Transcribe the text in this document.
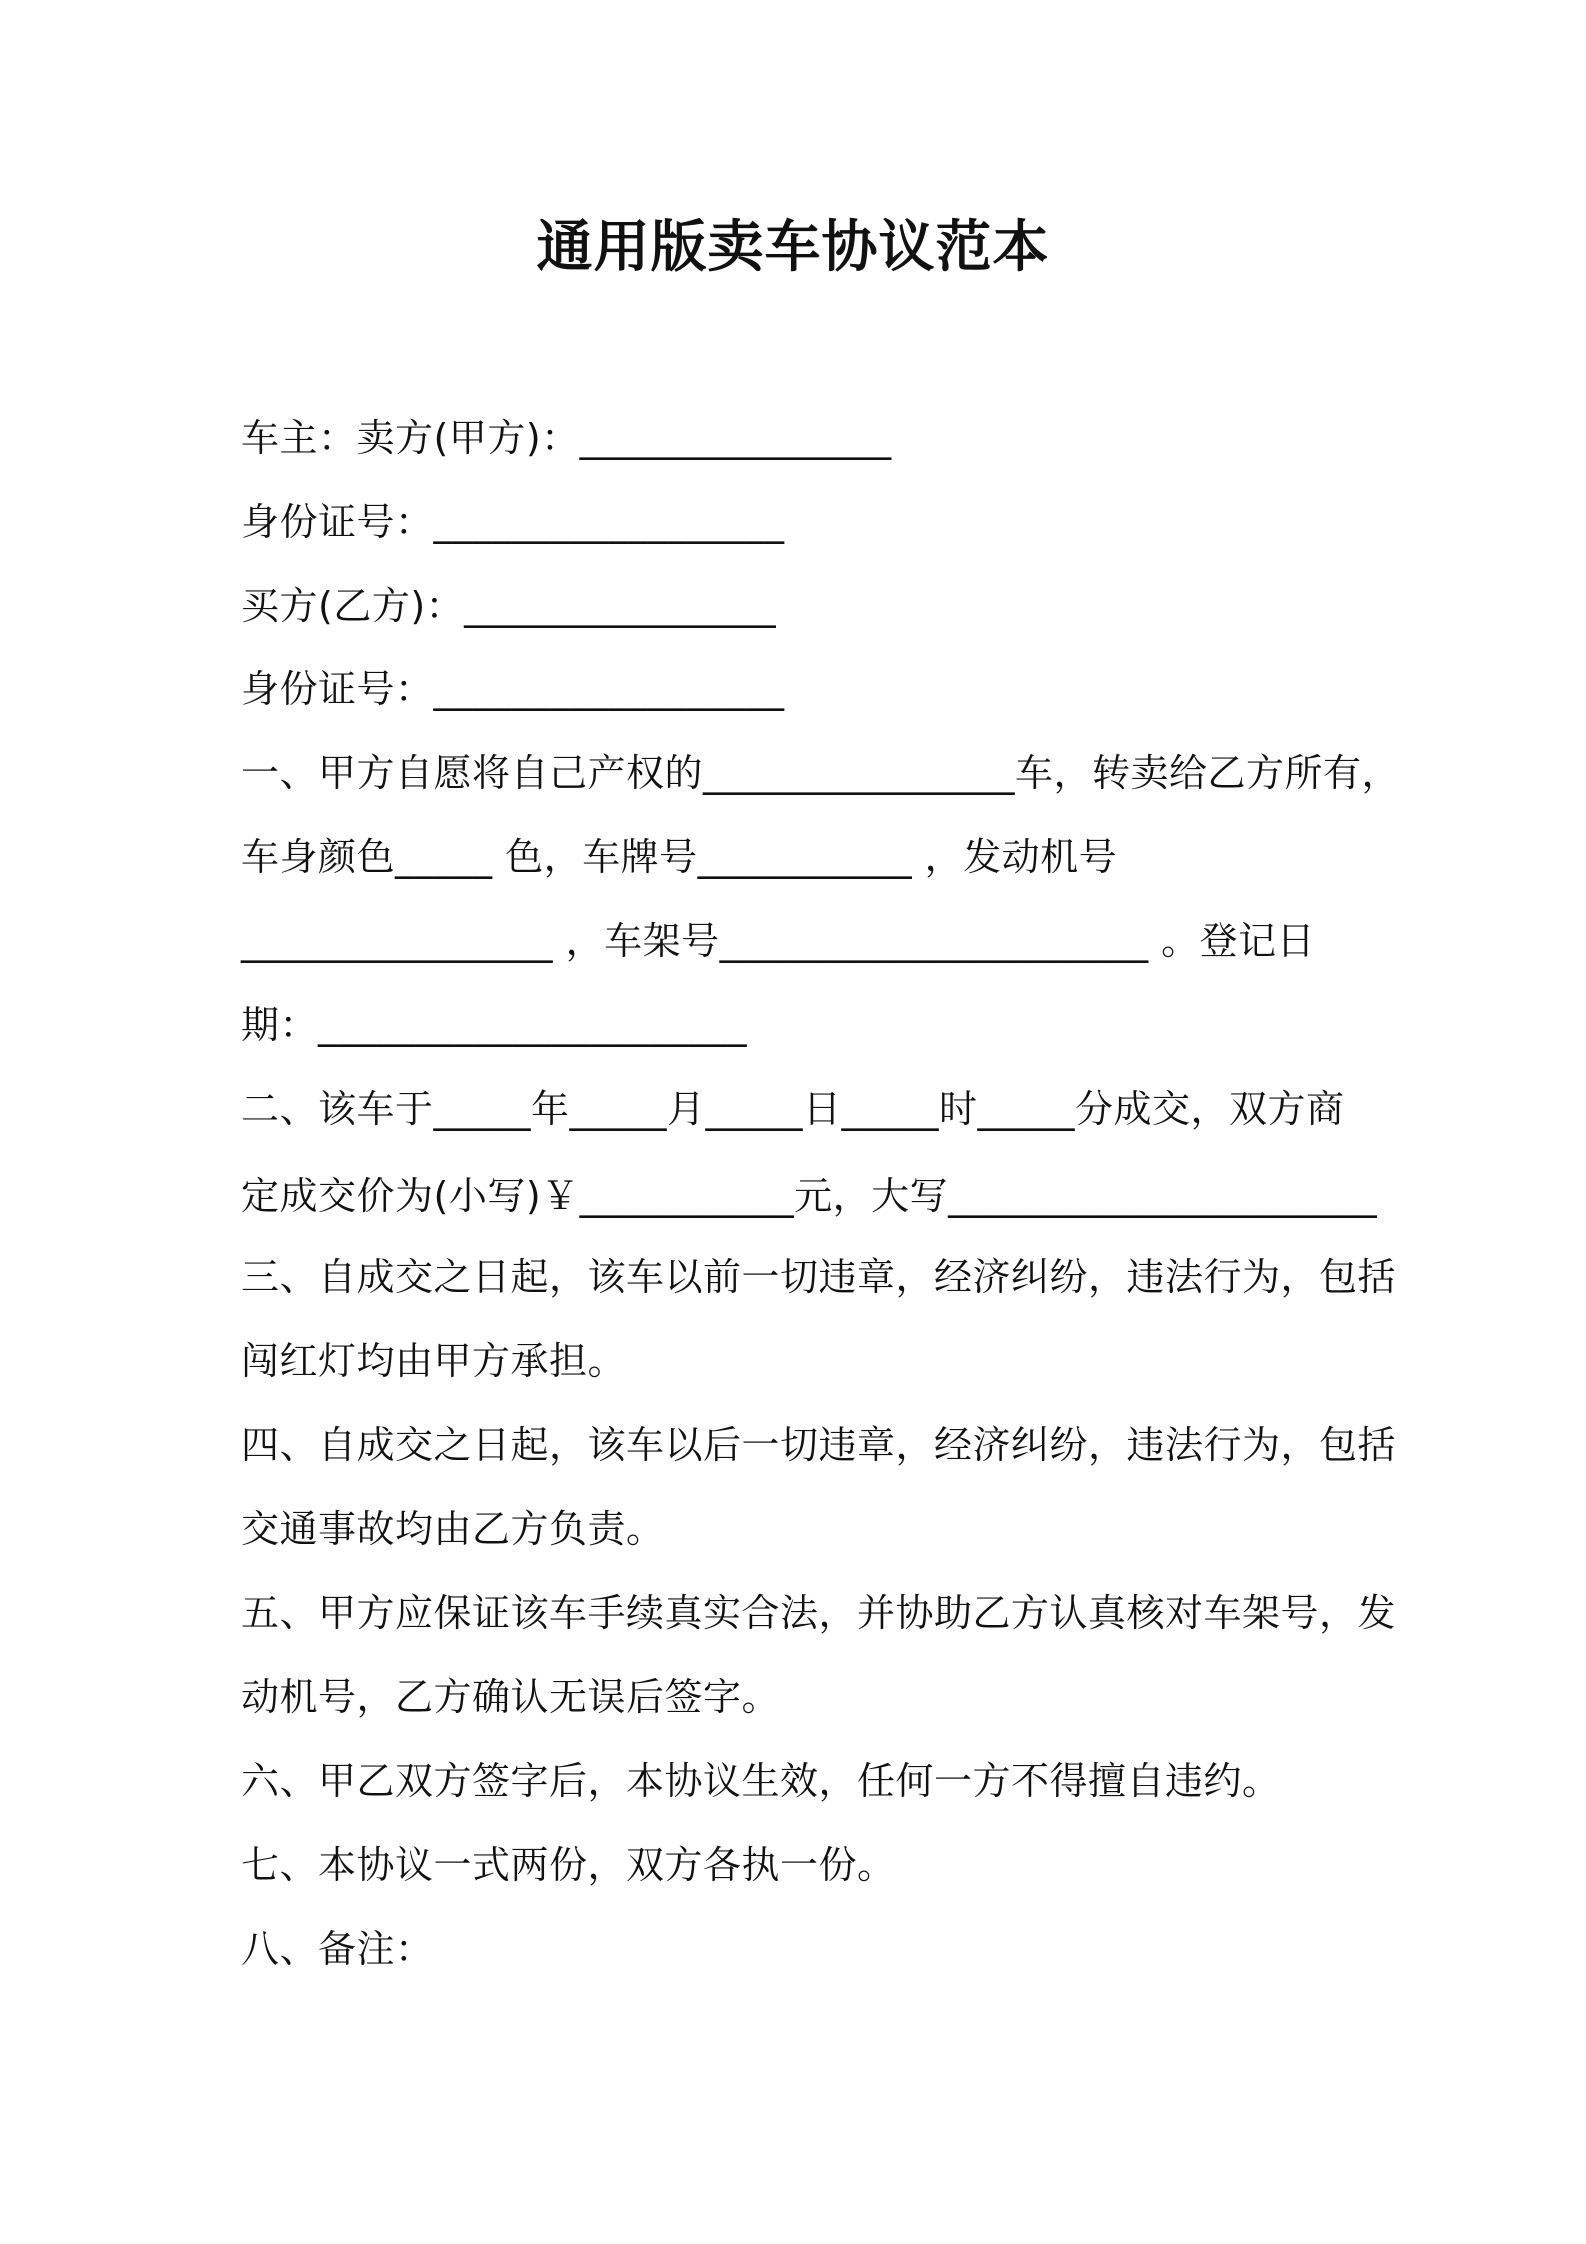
通用版卖车协议范本
车主：卖方(甲方)：________________
身份证号：__________________
买方(乙方)：________________
身份证号：__________________
一、甲方自愿将自己产权的________________车，转卖给乙方所有，
车身颜色_____ 色，车牌号___________ ，发动机号
________________ ，车架号______________________ 。登记日
期：______________________
二、该车于_____年_____月_____日_____时_____分成交，双方商
定成交价为(小写)￥___________元，大写______________________
三、自成交之日起，该车以前一切违章，经济纠纷，违法行为，包括
闯红灯均由甲方承担。
四、自成交之日起，该车以后一切违章，经济纠纷，违法行为，包括
交通事故均由乙方负责。
五、甲方应保证该车手续真实合法，并协助乙方认真核对车架号，发
动机号，乙方确认无误后签字。
六、甲乙双方签字后，本协议生效，任何一方不得擅自违约。
七、本协议一式两份，双方各执一份。
八、备注：
